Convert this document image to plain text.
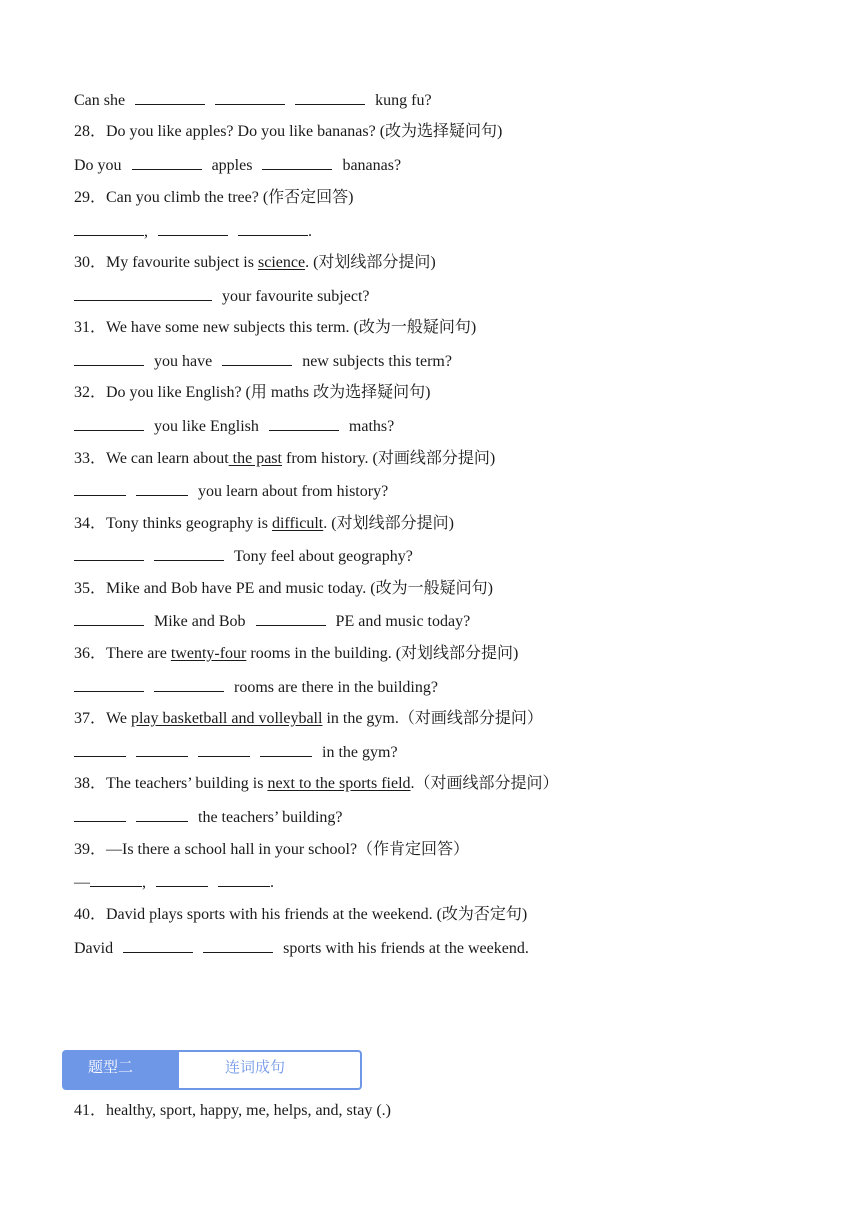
Can she	kung fu?
28．Do you like apples? Do you like bananas? (改为选择疑问句)
Do you	apples	bananas?
29．Can you climb the tree? (作否定回答)
,	.
30．My favourite subject is science. (对划线部分提问)
your favourite subject?
31．We have some new subjects this term. (改为一般疑问句)
you have	new subjects this term?
32．Do you like English? (用 maths 改为选择疑问句)
you like English	maths?
33．We can learn about the past from history. (对画线部分提问)
you learn about from history?
34．Tony thinks geography is difficult. (对划线部分提问)
Tony feel about geography?
35．Mike and Bob have PE and music today. (改为一般疑问句)
Mike and Bob	PE and music today?
36．There are twenty-four rooms in the building. (对划线部分提问)
rooms are there in the building?
37．We play basketball and volleyball in the gym.（对画线部分提问）
in the gym?
38．The teachers’ building is next to the sports field.（对画线部分提问）
the teachers’ building?
39．—Is there a school hall in your school?（作肯定回答）
—	,	.
40．David plays sports with his friends at the weekend. (改为否定句)
David	sports with his friends at the weekend.
题型二	连词成句
41．healthy, sport, happy, me, helps, and, stay (.)
